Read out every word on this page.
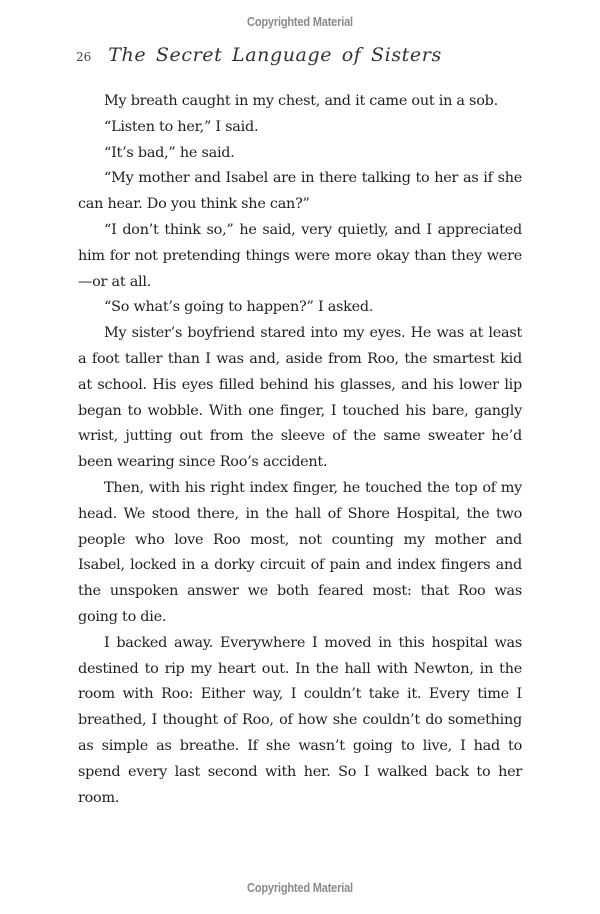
Copyrighted Material
26 The Secret Language of Sisters

My breath caught in my chest, and it came out in a sob.

“Listen to her,” I said.

“It’s bad,” he said.

“My mother and Isabel are in there talking to her as if she can hear. Do you think she can?”

“I don’t think so,” he said, very quietly, and I appreciated him for not pretending things were more okay than they were—or at all.

“So what’s going to happen?” I asked.

My sister’s boyfriend stared into my eyes. He was at least a foot taller than I was and, aside from Roo, the smartest kid at school. His eyes filled behind his glasses, and his lower lip began to wobble. With one finger, I touched his bare, gangly wrist, jutting out from the sleeve of the same sweater he’d been wearing since Roo’s accident.

Then, with his right index finger, he touched the top of my head. We stood there, in the hall of Shore Hospital, the two people who love Roo most, not counting my mother and Isabel, locked in a dorky circuit of pain and index fingers and the unspoken answer we both feared most: that Roo was going to die.

I backed away. Everywhere I moved in this hospital was destined to rip my heart out. In the hall with Newton, in the room with Roo: Either way, I couldn’t take it. Every time I breathed, I thought of Roo, of how she couldn’t do something as simple as breathe. If she wasn’t going to live, I had to spend every last second with her. So I walked back to her room.

Copyrighted Material
